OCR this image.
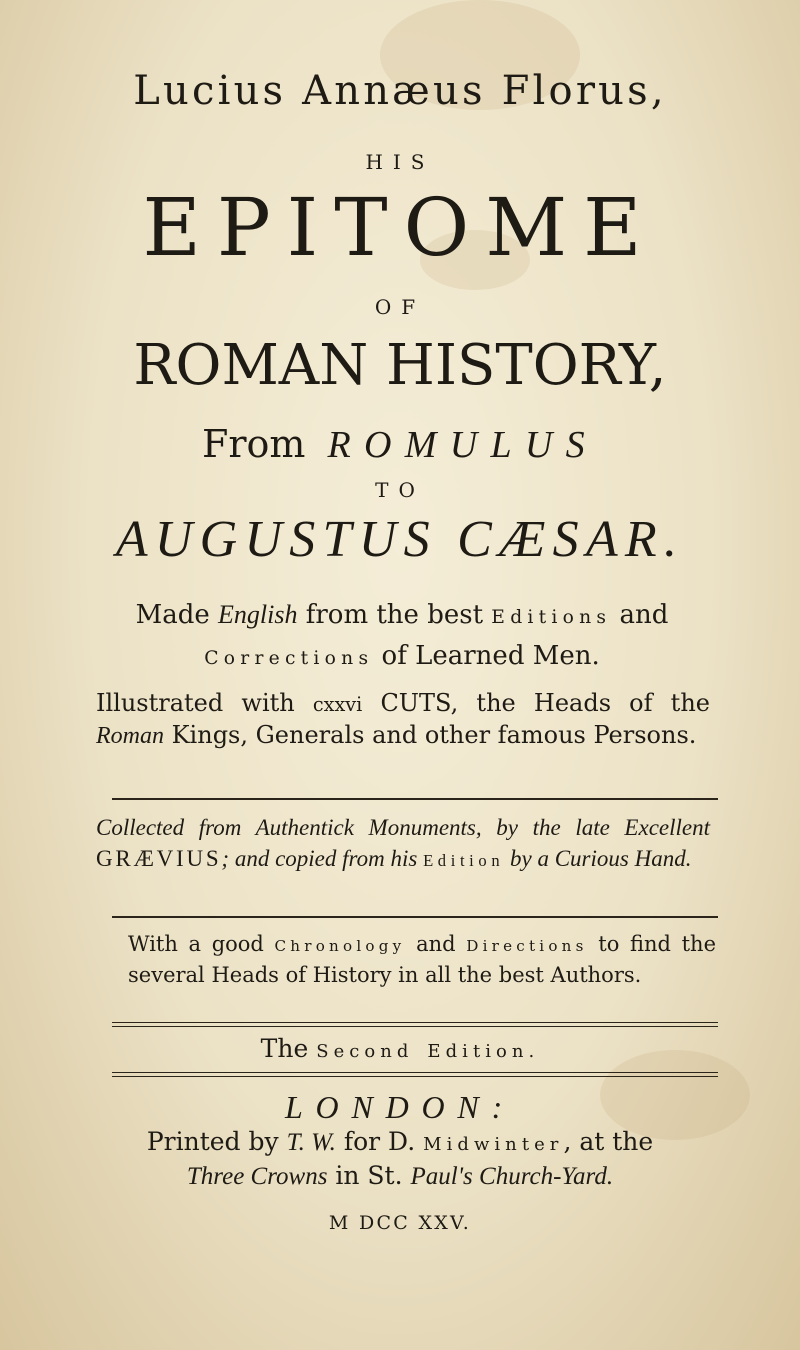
Lucius Annæus Florus,
HIS
EPITOME
OF
ROMAN HISTORY,
From ROMULUS
TO
AUGUSTUS CÆSAR.
Made English from the best Editions and
Corrections of Learned Men.
Illustrated with cxxvi CUTS, the Heads of the Roman Kings, Generals and other famous Persons.
Collected from Authentick Monuments, by the late Excellent GRÆVIUS; and copied from his Edition by a Curious Hand.
With a good Chronology and Directions to find the several Heads of History in all the best Authors.
The Second Edition.
LONDON:
Printed by T. W. for D. Midwinter, at the
Three Crowns in St. Paul's Church-Yard.
M DCC XXV.
